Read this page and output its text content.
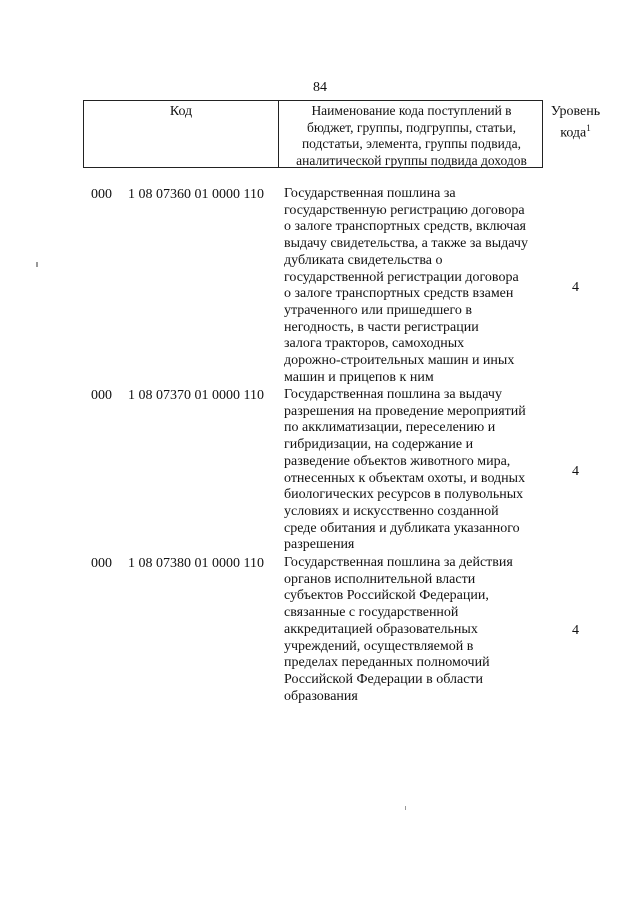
84
Код	Наименование кода поступлений в
бюджет, группы, подгруппы, статьи,
подстатьи, элемента, группы подвида,
аналитической группы подвида доходов
Уровень
кода$^1$
000 1 08 07360 01 0000 110 Государственная пошлина за
государственную регистрацию договора
о залоге транспортных средств, включая
выдачу свидетельства, а также за выдачу
дубликата свидетельства о
государственной регистрации договора
о залоге транспортных средств взамен
утраченного или пришедшего в
негодность, в части регистрации
залога тракторов, самоходных
дорожно-строительных машин и иных
машин и прицепов к ним
4
000 1 08 07370 01 0000 110 Государственная пошлина за выдачу
разрешения на проведение мероприятий
по акклиматизации, переселению и
гибридизации, на содержание и
разведение объектов животного мира,
отнесенных к объектам охоты, и водных
биологических ресурсов в полувольных
условиях и искусственно созданной
среде обитания и дубликата указанного
разрешения
4
000 1 08 07380 01 0000 110 Государственная пошлина за действия
органов исполнительной власти
субъектов Российской Федерации,
связанные с государственной
аккредитацией образовательных
учреждений, осуществляемой в
пределах переданных полномочий
Российской Федерации в области
образования
4
